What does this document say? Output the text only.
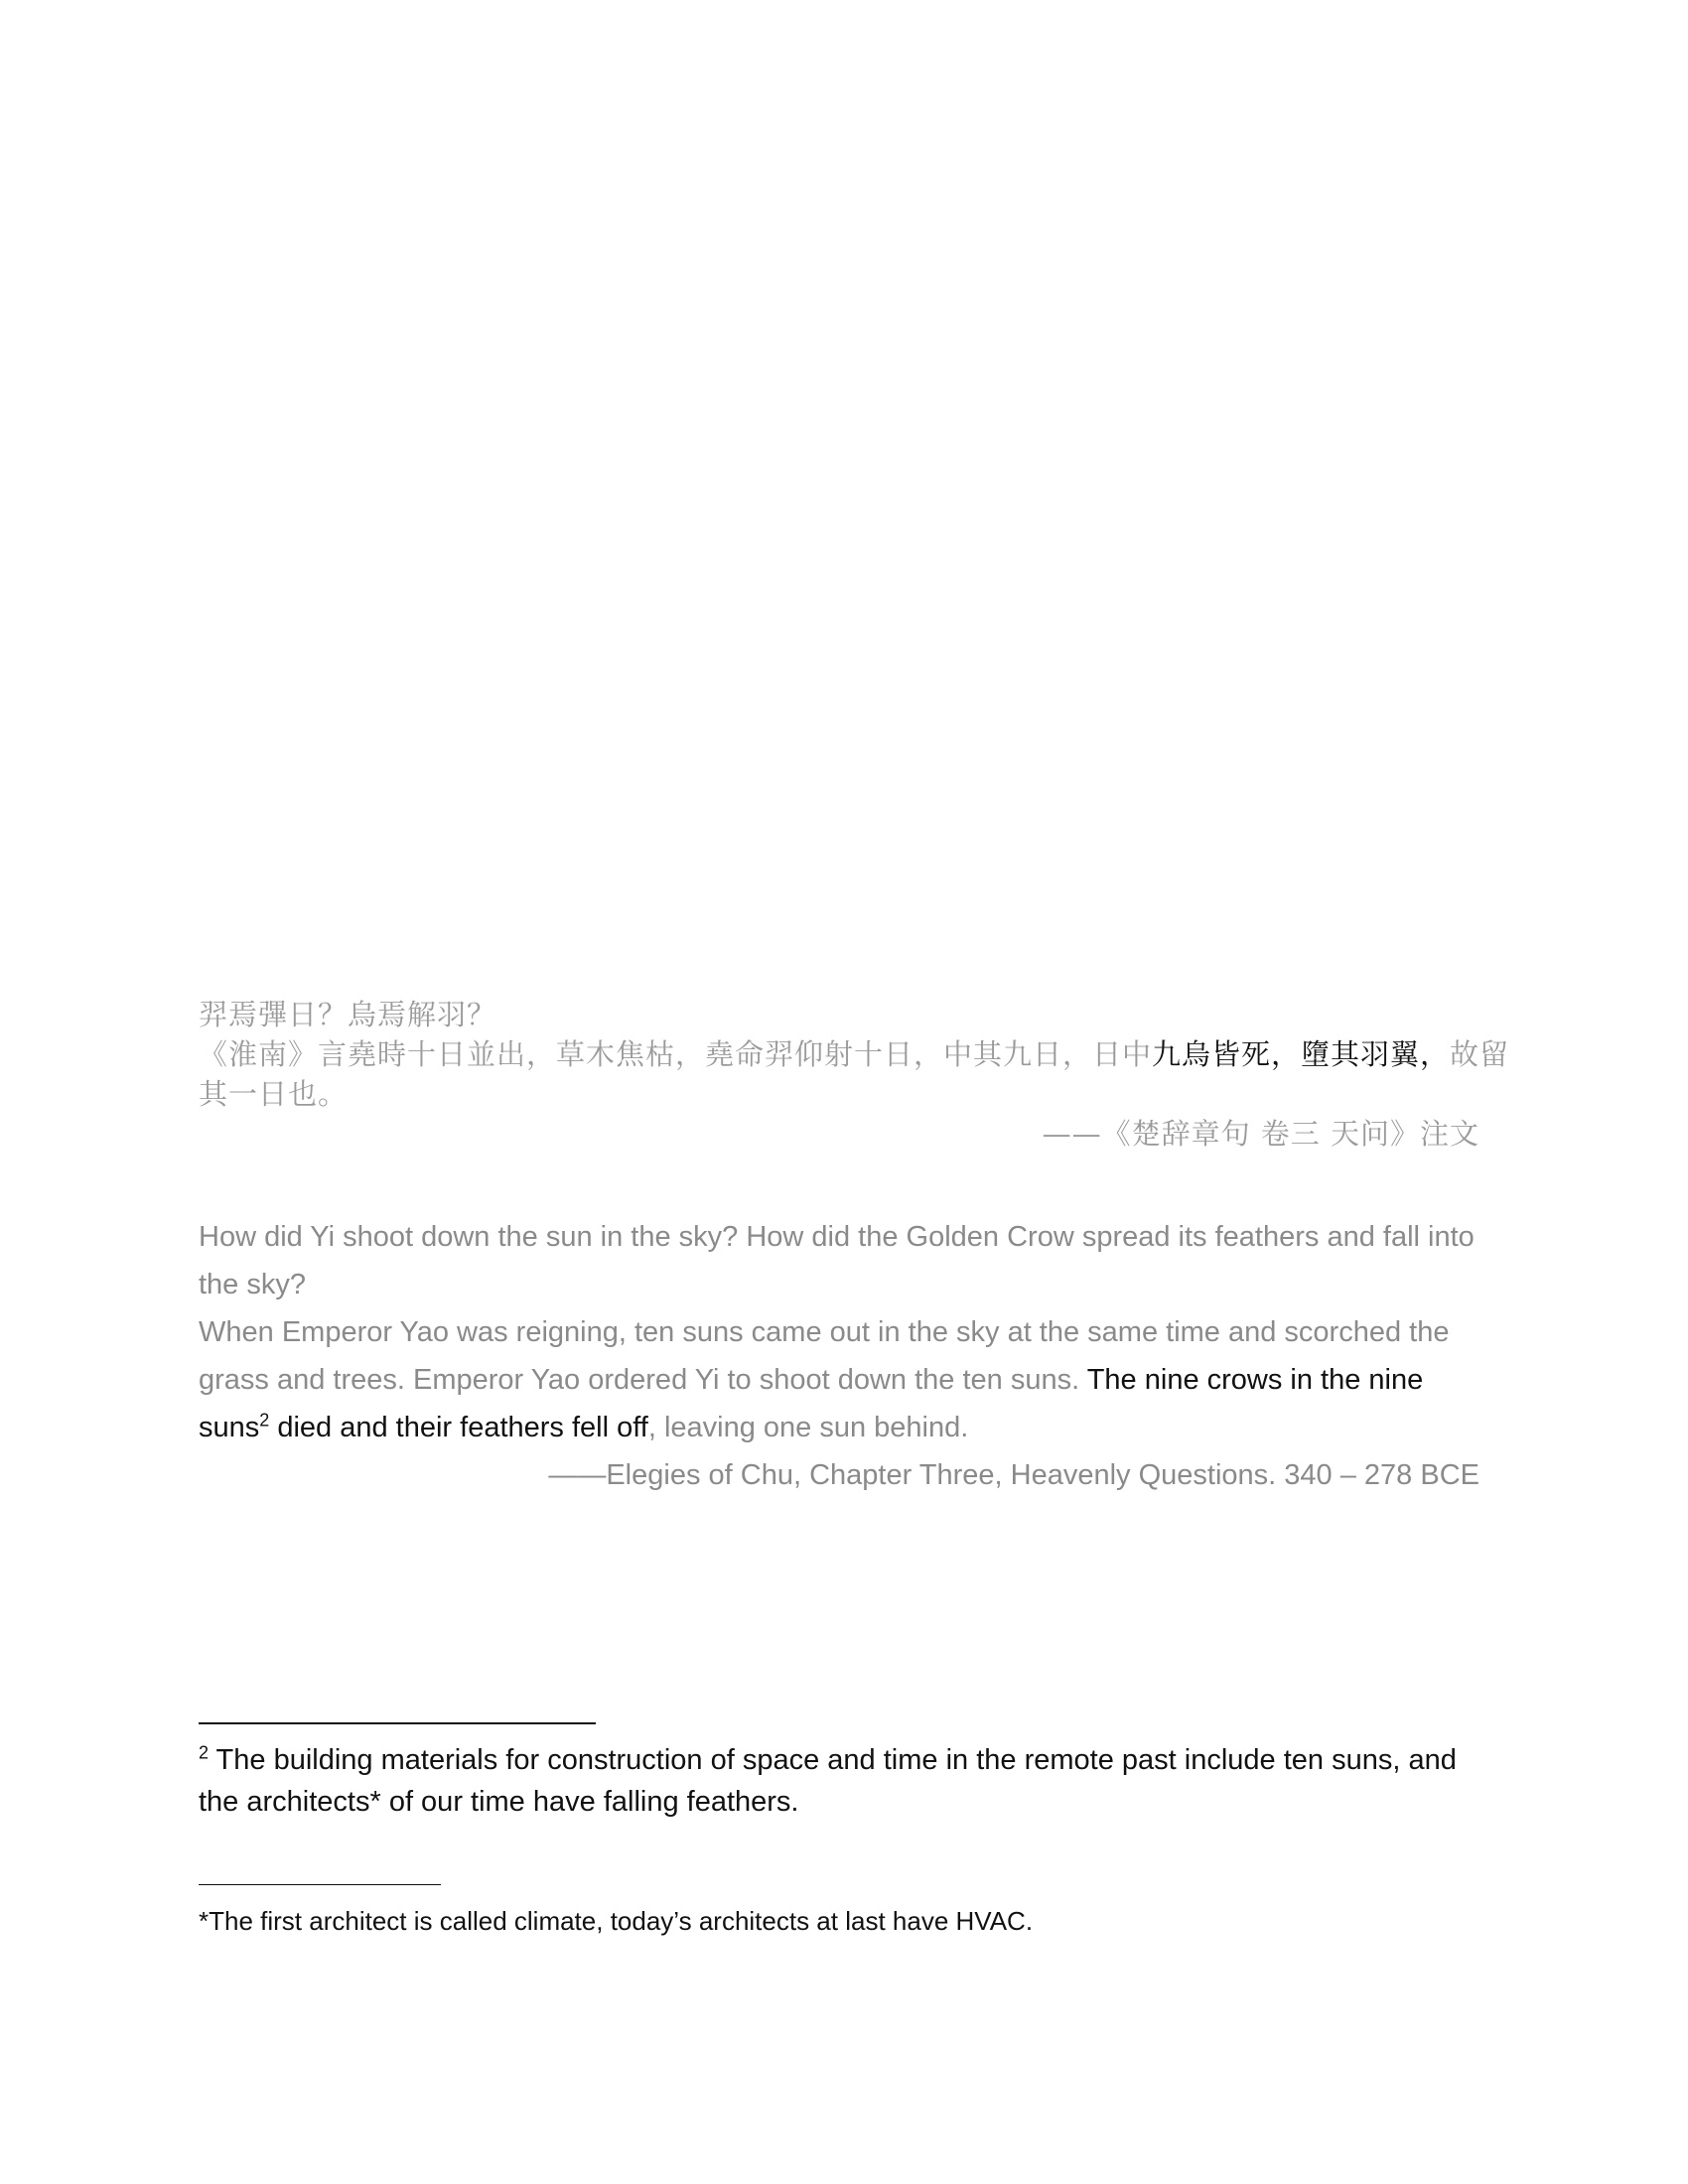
羿焉彃日？烏焉解羽？
《淮南》言堯時十日並出，草木焦枯，堯命羿仰射十日，中其九日，日中九烏皆死，墮其羽翼，故留
其一日也。
——《楚辞章句 卷三 天问》注文
How did Yi shoot down the sun in the sky? How did the Golden Crow spread its feathers and fall into the sky?
When Emperor Yao was reigning, ten suns came out in the sky at the same time and scorched the grass and trees. Emperor Yao ordered Yi to shoot down the ten suns. The nine crows in the nine suns$^2$ died and their feathers fell off, leaving one sun behind.
——Elegies of Chu, Chapter Three, Heavenly Questions. 340 – 278 BCE
$^2$ The building materials for construction of space and time in the remote past include ten suns, and the architects* of our time have falling feathers.
*The first architect is called climate, today’s architects at last have HVAC.
